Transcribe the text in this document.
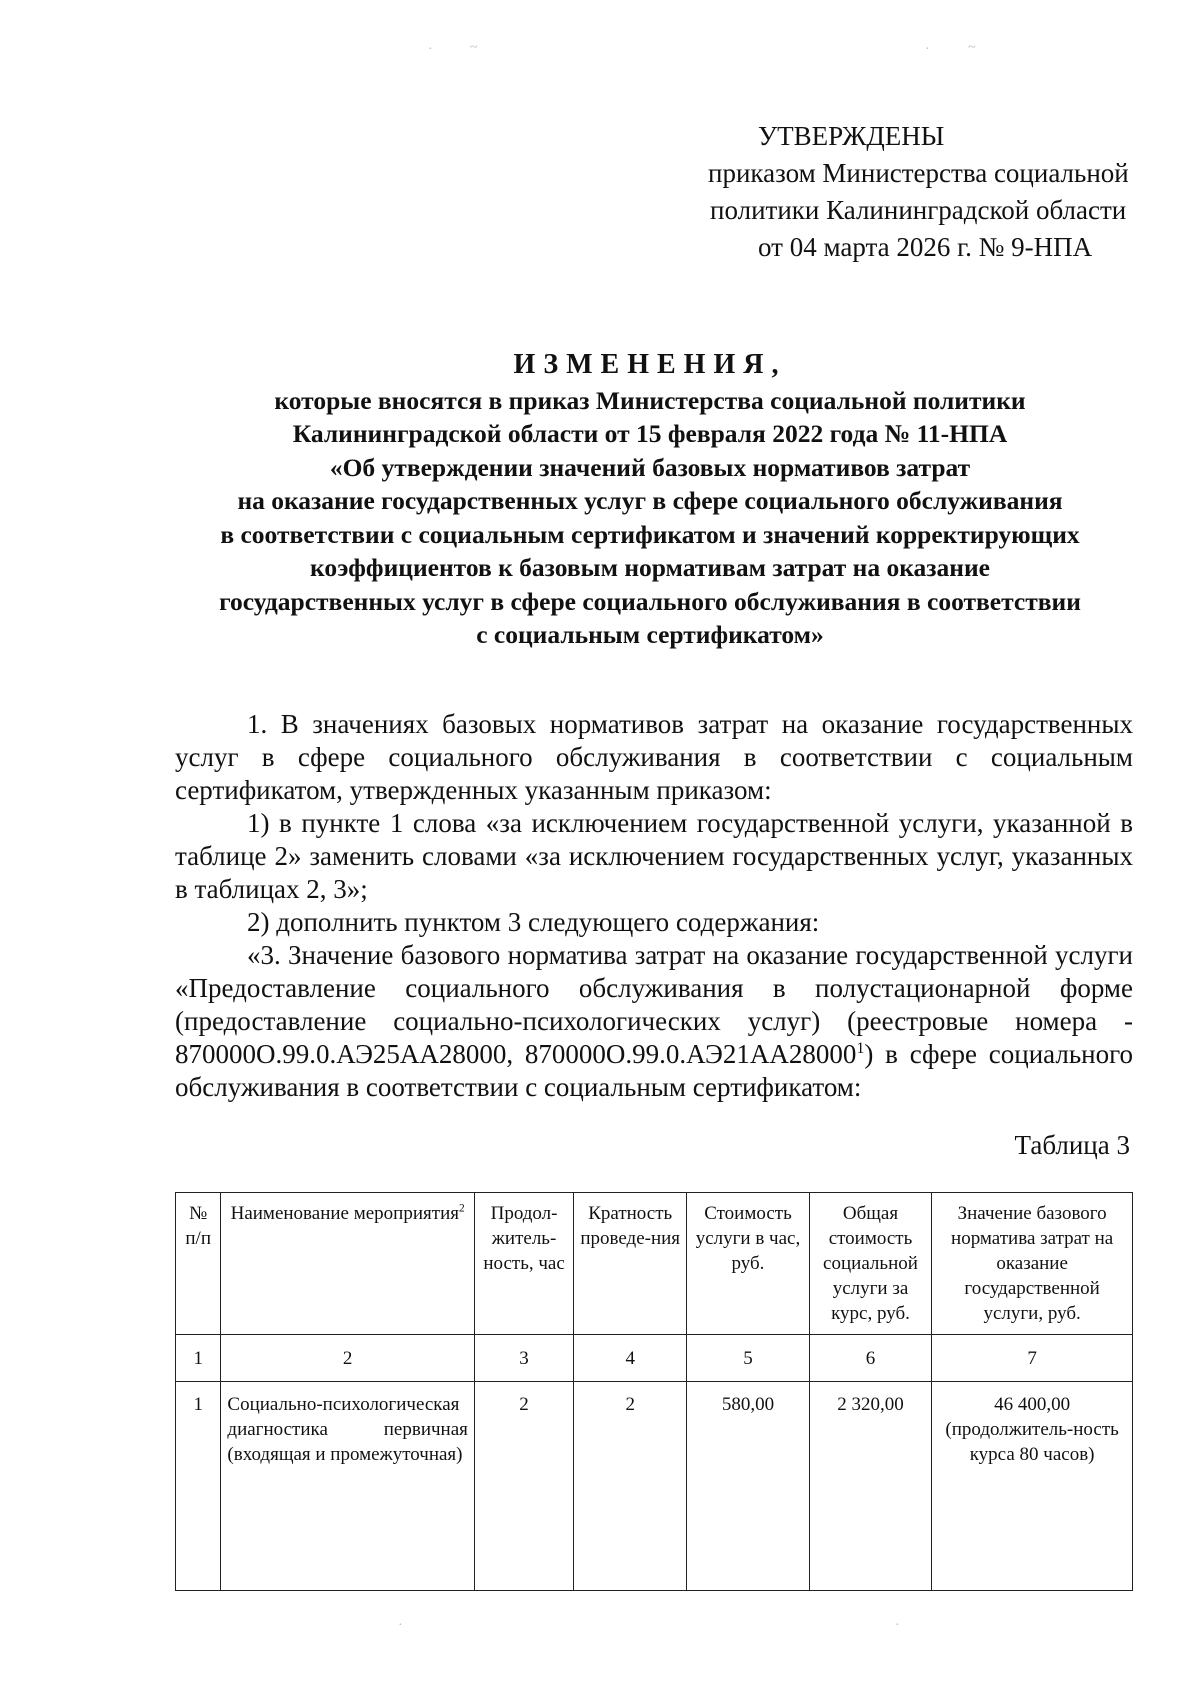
·	~	·	~
УТВЕРЖДЕНЫ
приказом Министерства социальной
политики Калининградской области
от 04 марта 2026 г. № 9-НПА
ИЗМЕНЕНИЯ,
которые вносятся в приказ Министерства социальной политики
Калининградской области от 15 февраля 2022 года № 11-НПА
«Об утверждении значений базовых нормативов затрат
на оказание государственных услуг в сфере социального обслуживания
в соответствии с социальным сертификатом и значений корректирующих
коэффициентов к базовым нормативам затрат на оказание
государственных услуг в сфере социального обслуживания в соответствии
с социальным сертификатом»

1. В значениях базовых нормативов затрат на оказание государственных услуг в сфере социального обслуживания в соответствии с социальным сертификатом, утвержденных указанным приказом:

1) в пункте 1 слова «за исключением государственной услуги, указанной в таблице 2» заменить словами «за исключением государственных услуг, указанных в таблицах 2, 3»;

2) дополнить пунктом 3 следующего содержания:

«3. Значение базового норматива затрат на оказание государственной услуги «Предоставление социального обслуживания в полустационарной форме (предоставление социально-психологических услуг) (реестровые номера - 870000О.99.0.АЭ25АА28000, 870000О.99.0.АЭ21АА28000$^1$) в сфере социального обслуживания в соответствии с социальным сертификатом:

Таблица 3
№ п/п	Наименование мероприятия$^2$	Продол-житель-ность, час	Кратность проведе-ния	Стоимость услуги в час, руб.	Общая стоимость социальной услуги за курс, руб.	Значение базового норматива затрат на оказание государственной услуги, руб.
1	2	3	4	5	6	7
1	Социально-психологическая диагностика первичная (входящая и промежуточная)	2	2	580,00	2 320,00	46 400,00
(продолжитель-ность курса 80 часов)
·	·
